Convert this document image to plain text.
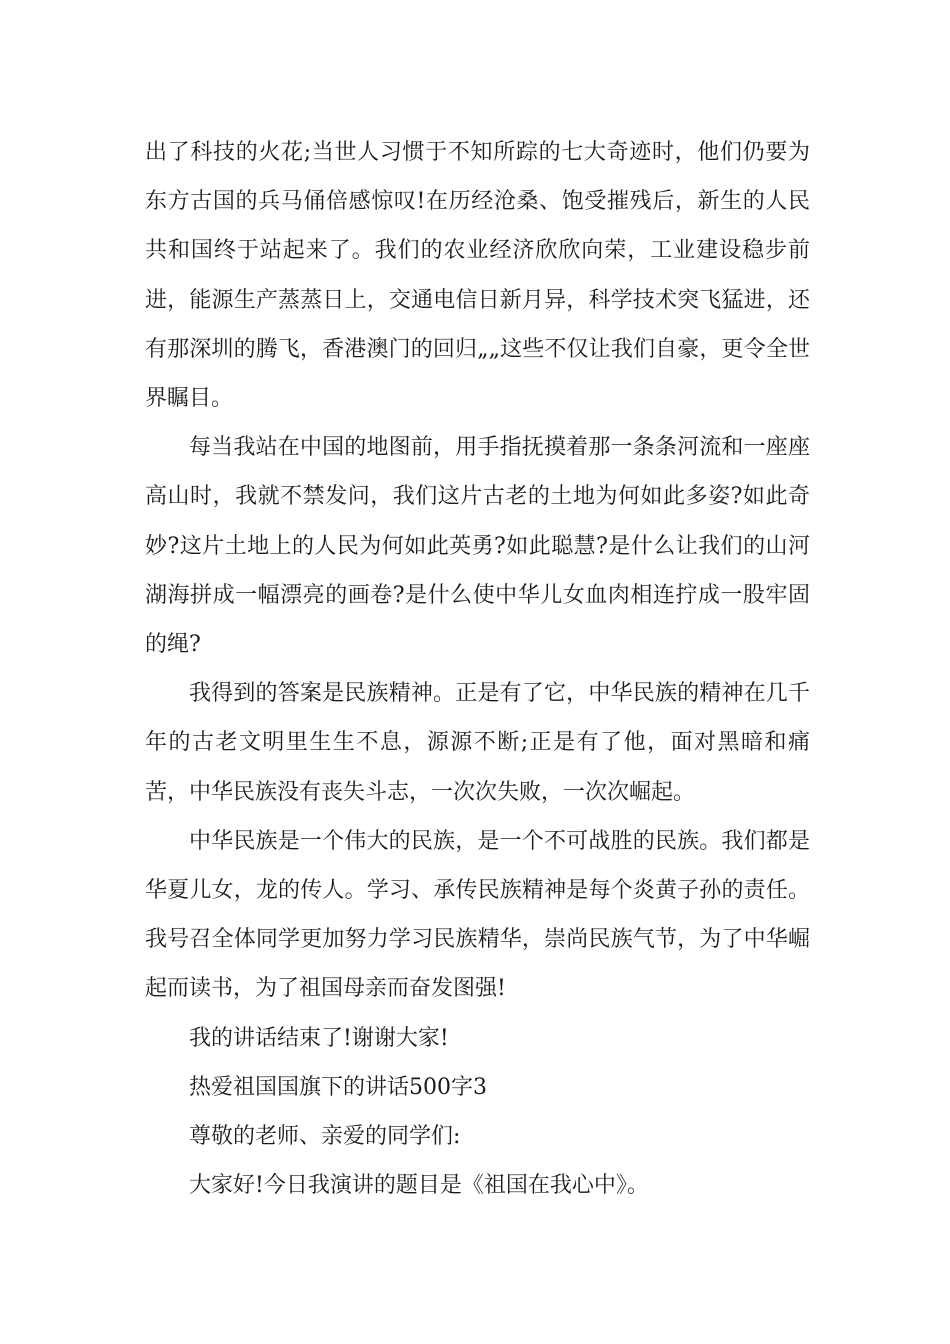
出了科技的火花;当世人习惯于不知所踪的七大奇迹时，他们仍要为东方古国的兵马俑倍感惊叹!在历经沧桑、饱受摧残后，新生的人民共和国终于站起来了。我们的农业经济欣欣向荣，工业建设稳步前进，能源生产蒸蒸日上，交通电信日新月异，科学技术突飞猛进，还有那深圳的腾飞，香港澳门的回归„„这些不仅让我们自豪，更令全世界瞩目。

每当我站在中国的地图前，用手指抚摸着那一条条河流和一座座高山时，我就不禁发问，我们这片古老的土地为何如此多姿?如此奇妙?这片土地上的人民为何如此英勇?如此聪慧?是什么让我们的山河湖海拼成一幅漂亮的画卷?是什么使中华儿女血肉相连拧成一股牢固的绳?

我得到的答案是民族精神。正是有了它，中华民族的精神在几千年的古老文明里生生不息，源源不断;正是有了他，面对黑暗和痛苦，中华民族没有丧失斗志，一次次失败，一次次崛起。

中华民族是一个伟大的民族，是一个不可战胜的民族。我们都是华夏儿女，龙的传人。学习、承传民族精神是每个炎黄子孙的责任。我号召全体同学更加努力学习民族精华，崇尚民族气节，为了中华崛起而读书，为了祖国母亲而奋发图强!

我的讲话结束了!谢谢大家!

热爱祖国国旗下的讲话500字3

尊敬的老师、亲爱的同学们:

大家好!今日我演讲的题目是《祖国在我心中》。
